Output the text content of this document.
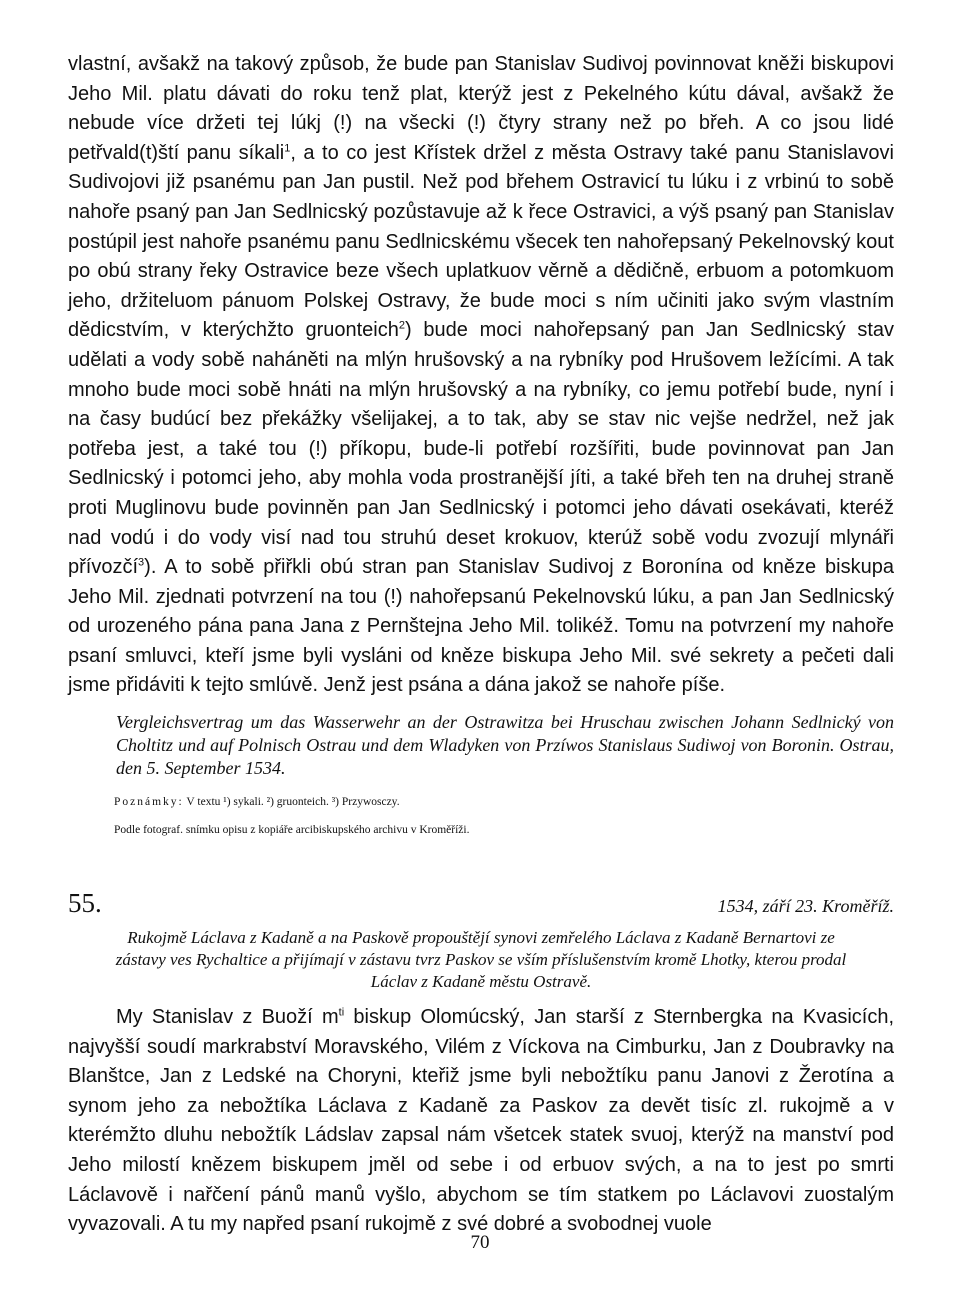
vlastní, avšakž na takový způsob, že bude pan Stanislav Sudivoj povinnovat kněži biskupovi Jeho Mil. platu dávati do roku tenž plat, kterýž jest z Pekelného kútu dával, avšakž že nebude více držeti tej lúkj (!) na všecki (!) čtyry strany než po břeh. A co jsou lidé petřvald(t)ští panu síkali$^1$, a to co jest Křístek držel z města Ostravy také panu Stanislavovi Sudivojovi již psanému pan Jan pustil. Než pod břehem Ostravicí tu lúku i z vrbinú to sobě nahoře psaný pan Jan Sedlnicský pozůstavuje až k řece Ostravici, a výš psaný pan Stanislav postúpil jest nahoře psanému panu Sedlnicskému všecek ten nahořepsaný Pekelnovský kout po obú strany řeky Ostravice beze všech uplatkuov věrně a dědičně, erbuom a potomkuom jeho, držiteluom pánuom Polskej Ostravy, že bude moci s ním učiniti jako svým vlastním dědicstvím, v kterýchžto gruonteich$^2$) bude moci nahořepsaný pan Jan Sedlnicský stav udělati a vody sobě naháněti na mlýn hrušovský a na rybníky pod Hrušovem ležícími. A tak mnoho bude moci sobě hnáti na mlýn hrušovský a na rybníky, co jemu potřebí bude, nyní i na časy budúcí bez překážky všelijakej, a to tak, aby se stav nic vejše nedržel, než jak potřeba jest, a také tou (!) příkopu, bude-li potřebí rozšířiti, bude povinnovat pan Jan Sedlnicský i potomci jeho, aby mohla voda prostranější jíti, a také břeh ten na druhej straně proti Muglinovu bude povinněn pan Jan Sedlnicský i potomci jeho dávati osekávati, kteréž nad vodú i do vody visí nad tou struhú deset krokuov, kterúž sobě vodu zvozují mlynáři přívozčí$^3$). A to sobě přiřkli obú stran pan Stanislav Sudivoj z Boronína od kněze biskupa Jeho Mil. zjednati potvrzení na tou (!) nahořepsanú Pekelnovskú lúku, a pan Jan Sedlnicský od urozeného pána pana Jana z Pernštejna Jeho Mil. tolikéž. Tomu na potvrzení my nahoře psaní smluvci, kteří jsme byli vysláni od kněze biskupa Jeho Mil. své sekrety a pečeti dali jsme přidáviti k tejto smlúvě. Jenž jest psána a dána jakož se nahoře píše.

Vergleichsvertrag um das Wasserwehr an der Ostrawitza bei Hruschau zwischen Johann Sedlnický von Choltitz und auf Polnisch Ostrau und dem Wladyken von Przíwos Stanislaus Sudiwoj von Boronin. Ostrau, den 5. September 1534.

Poznámky: V textu ¹) sykali. ²) gruonteich. ³) Przywosczy.

Podle fotograf. snímku opisu z kopiáře arcibiskupského archivu v Kroměříži.

55.	1534, září 23. Kroměříž.

Rukojmě Láclava z Kadaně a na Paskově propouštějí synovi zemřelého Láclava z Kadaně Bernartovi ze zástavy ves Rychaltice a přijímají v zástavu tvrz Paskov se vším příslušenstvím kromě Lhotky, kterou prodal Láclav z Kadaně městu Ostravě.

My Stanislav z Buoží $m^{ti}$ biskup Olomúcský, Jan starší z Sternbergka na Kvasicích, najvyšší soudí markrabství Moravského, Vilém z Víckova na Cimburku, Jan z Doubravky na Blanštce, Jan z Ledské na Choryni, kteřiž jsme byli nebožtíku panu Janovi z Žerotína a synom jeho za nebožtíka Láclava z Kadaně za Paskov za devět tisíc zl. rukojmě a v kterémžto dluhu nebožtík Ládslav zapsal nám všetcek statek svuoj, kterýž na manství pod Jeho milostí knězem biskupem jměl od sebe i od erbuov svých, a na to jest po smrti Láclavově i nařčení pánů manů vyšlo, abychom se tím statkem po Láclavovi zuostalým vyvazovali. A tu my napřed psaní rukojmě z své dobré a svobodnej vuole

70
